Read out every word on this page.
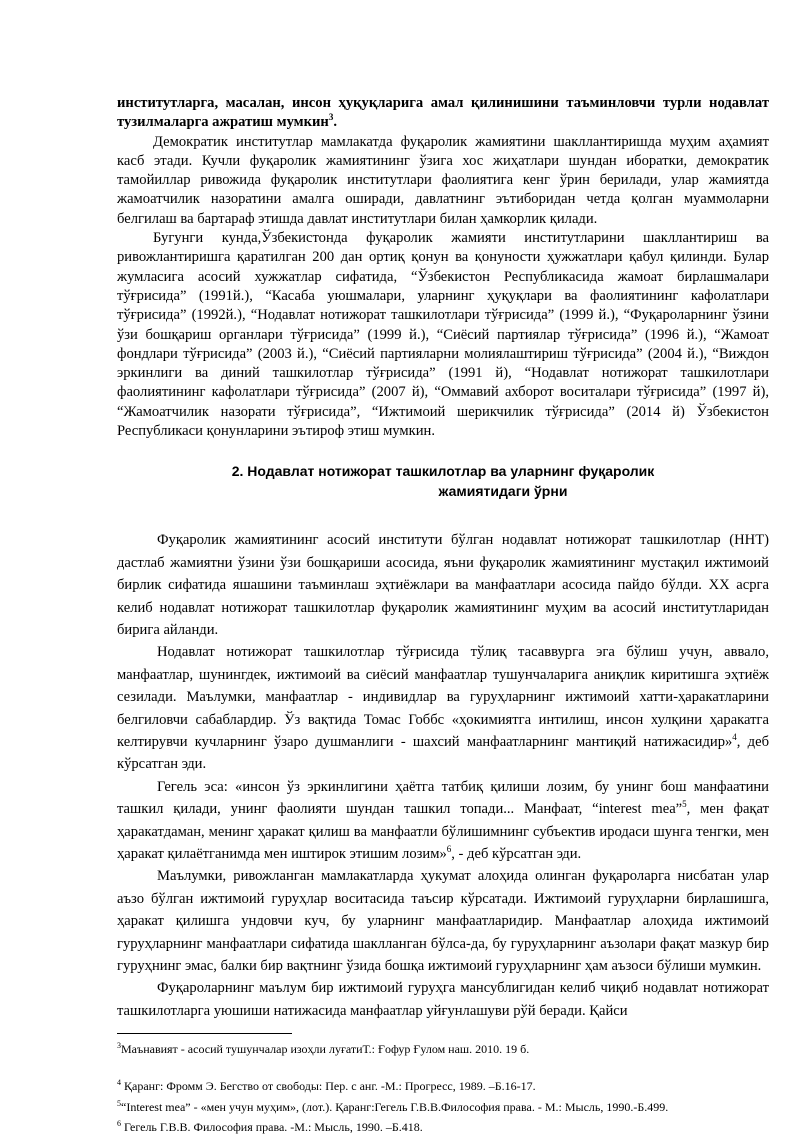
институтларга, масалан, инсон ҳуқуқларига амал қилинишини таъминловчи турли нодавлат тузилмаларга ажратиш мумкин$^3$.

Демократик институтлар мамлакатда фуқаролик жамиятини шакллантиришда муҳим аҳамият касб этади. Кучли фуқаролик жамиятининг ўзига хос жиҳатлари шундан иборатки, демократик тамойиллар ривожида фуқаролик институтлари фаолиятига кенг ўрин берилади, улар жамиятда жамоатчилик назоратини амалга оширади, давлатнинг эътиборидан четда қолган муаммоларни белгилаш ва бартараф этишда давлат институтлари билан ҳамкорлик қилади.

Бугунги кунда,Ўзбекистонда фуқаролик жамияти институтларини шакллантириш ва ривожлантиришга қаратилган 200 дан ортиқ қонун ва қонуности ҳужжатлари қабул қилинди. Булар жумласига асосий хужжатлар сифатида, “Ўзбекистон Республикасида жамоат бирлашмалари тўғрисида” (1991й.), “Касаба уюшмалари, уларнинг ҳуқуқлари ва фаолиятининг кафолатлари тўғрисида” (1992й.), “Нодавлат нотижорат ташкилотлари тўғрисида” (1999 й.), “Фуқароларнинг ўзини ўзи бошқариш органлари тўғрисида” (1999 й.), “Сиёсий партиялар тўғрисида” (1996 й.), “Жамоат фондлари тўғрисида” (2003 й.), “Сиёсий партияларни молиялаштириш тўғрисида” (2004 й.), “Виждон эркинлиги ва диний ташкилотлар тўғрисида” (1991 й), “Нодавлат нотижорат ташкилотлари фаолиятининг кафолатлари тўғрисида” (2007 й), “Оммавий ахборот воситалари тўғрисида” (1997 й), “Жамоатчилик назорати тўғрисида”, “Ижтимоий шерикчилик тўғрисида” (2014 й) Ўзбекистон Республикаси қонунларини эътироф этиш мумкин.

2. Нодавлат нотижорат ташкилотлар ва уларнинг фуқаролик
жамиятидаги ўрни

Фуқаролик жамиятининг асосий институти бўлган нодавлат нотижорат ташкилотлар (ННТ) дастлаб жамиятни ўзини ўзи бошқариши асосида, яъни фуқаролик жамиятининг мустақил ижтимоий бирлик сифатида яшашини таъминлаш эҳтиёжлари ва манфаатлари асосида пайдо бўлди. XX асрга келиб нодавлат нотижорат ташкилотлар фуқаролик жамиятининг муҳим ва асосий институтларидан бирига айланди.

Нодавлат нотижорат ташкилотлар тўғрисида тўлиқ тасаввурга эга бўлиш учун, аввало, манфаатлар, шунингдек, ижтимоий ва сиёсий манфаатлар тушунчаларига аниқлик киритишга эҳтиёж сезилади. Маълумки, манфаатлар - индивидлар ва гуруҳларнинг ижтимоий хатти-ҳаракатларини белгиловчи сабаблардир. Ўз вақтида Томас Гоббс «ҳокимиятга интилиш, инсон хулқини ҳаракатга келтирувчи кучларнинг ўзаро душманлиги - шахсий манфаатларнинг мантиқий натижасидир»$^4$, деб кўрсатган эди.

Гегель эса: «инсон ўз эркинлигини ҳаётга татбиқ қилиши лозим, бу унинг бош манфаатини ташкил қилади, унинг фаолияти шундан ташкил топади... Манфаат, “interest mea”$^5$, мен фақат ҳаракатдаман, менинг ҳаракат қилиш ва манфаатли бўлишимнинг субъектив иродаси шунга тенгки, мен ҳаракат қилаётганимда мен иштирок этишим лозим»$^6$, - деб кўрсатган эди.

Маълумки, ривожланган мамлакатларда ҳукумат алоҳида олинган фуқароларга нисбатан улар аъзо бўлган ижтимоий гуруҳлар воситасида таъсир кўрсатади. Ижтимоий гуруҳларни бирлашишга, ҳаракат қилишга ундовчи куч, бу уларнинг манфаатларидир. Манфаатлар алоҳида ижтимоий гуруҳларнинг манфаатлари сифатида шаклланган бўлса-да, бу гуруҳларнинг аъзолари фақат мазкур бир гуруҳнинг эмас, балки бир вақтнинг ўзида бошқа ижтимоий гуруҳларнинг ҳам аъзоси бўлиши мумкин.

Фуқароларнинг маълум бир ижтимоий гуруҳга мансублигидан келиб чиқиб нодавлат нотижорат ташкилотларга уюшиши натижасида манфаатлар уйғунлашуви рўй беради. Қайси

$^3$Маънавият - асосий тушунчалар изоҳли луғатиТ.: Ғофур Ғулом наш. 2010. 19 б.

$^4$ Қаранг: Фромм Э. Бегство от свободы: Пер. с анг. -М.: Прогресс, 1989. –Б.16-17.

$^5$“Interest mea” - «мен учун муҳим», (лот.). Қаранг:Гегель Г.В.В.Философия права. - М.: Мысль, 1990.-Б.499.

$^6$ Гегель Г.В.В. Философия права. -М.: Мысль, 1990. –Б.418.
